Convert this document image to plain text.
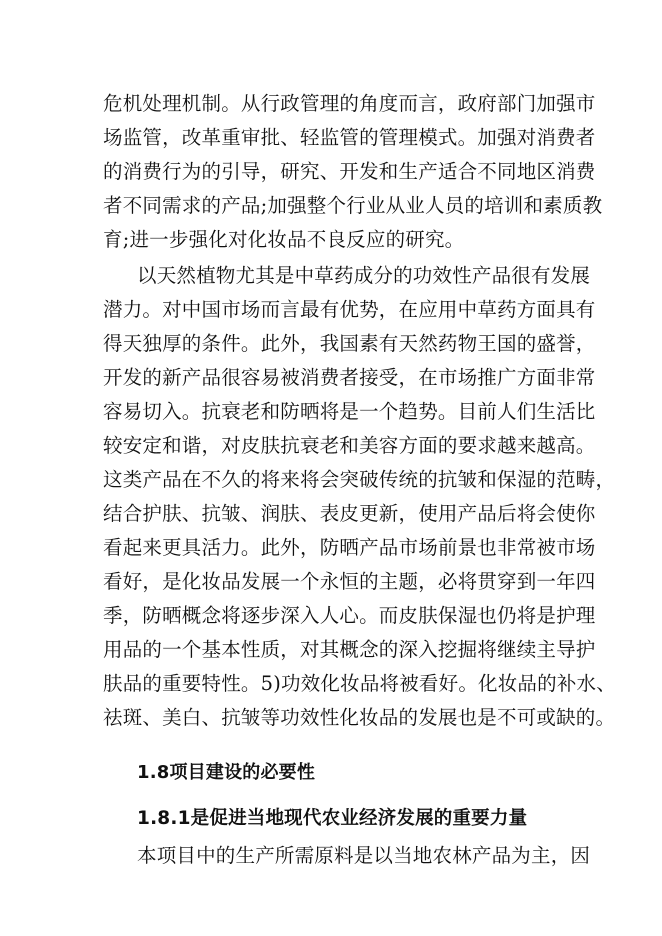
危机处理机制。从行政管理的角度而言，政府部门加强市
场监管，改革重审批、轻监管的管理模式。加强对消费者
的消费行为的引导，研究、开发和生产适合不同地区消费
者不同需求的产品;加强整个行业从业人员的培训和素质教
育;进一步强化对化妆品不良反应的研究。
以天然植物尤其是中草药成分的功效性产品很有发展
潜力。对中国市场而言最有优势，在应用中草药方面具有
得天独厚的条件。此外，我国素有天然药物王国的盛誉，
开发的新产品很容易被消费者接受，在市场推广方面非常
容易切入。抗衰老和防晒将是一个趋势。目前人们生活比
较安定和谐，对皮肤抗衰老和美容方面的要求越来越高。
这类产品在不久的将来将会突破传统的抗皱和保湿的范畴，
结合护肤、抗皱、润肤、表皮更新，使用产品后将会使你
看起来更具活力。此外，防晒产品市场前景也非常被市场
看好，是化妆品发展一个永恒的主题，必将贯穿到一年四
季，防晒概念将逐步深入人心。而皮肤保湿也仍将是护理
用品的一个基本性质，对其概念的深入挖掘将继续主导护
肤品的重要特性。5)功效化妆品将被看好。化妆品的补水、
祛斑、美白、抗皱等功效性化妆品的发展也是不可或缺的。
1.8项目建设的必要性
1.8.1是促进当地现代农业经济发展的重要力量
本项目中的生产所需原料是以当地农林产品为主，因
